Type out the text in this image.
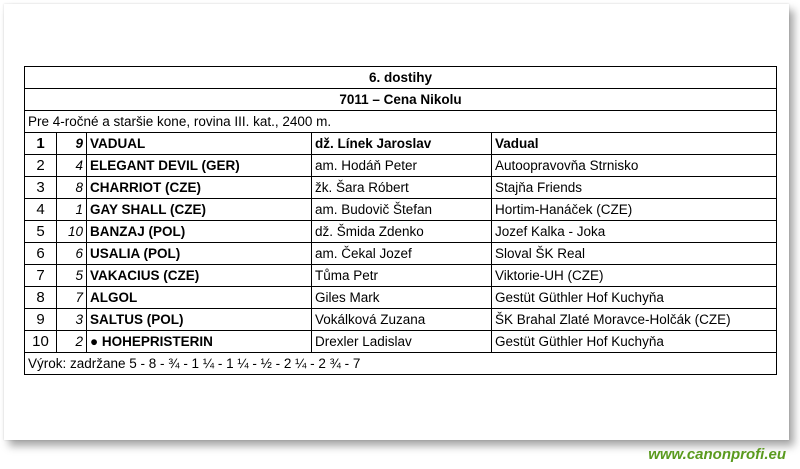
6. dostihy				
7011 – Cena Nikolu				
Pre 4-ročné a staršie kone, rovina III. kat., 2400 m.				
1	9	VADUAL	dž. Línek Jaroslav	Vadual
2	4	ELEGANT DEVIL (GER)	am. Hodáň Peter	Autoopravovňa Strnisko
3	8	CHARRIOT (CZE)	žk. Šara Róbert	Stajňa Friends
4	1	GAY SHALL (CZE)	am. Budovič Štefan	Hortim-Hanáček (CZE)
5	10	BANZAJ (POL)	dž. Šmida Zdenko	Jozef Kalka - Joka
6	6	USALIA (POL)	am. Čekal Jozef	Sloval ŠK Real
7	5	VAKACIUS (CZE)	Tůma Petr	Viktorie-UH (CZE)
8	7	ALGOL	Giles Mark	Gestüt Güthler Hof Kuchyňa
9	3	SALTUS (POL)	Vokálková Zuzana	ŠK Brahal Zlaté Moravce-Holčák (CZE)
10	2	● HOHEPRISTERIN	Drexler Ladislav	Gestüt Güthler Hof Kuchyňa
Výrok: zadržane 5 - 8 - ¾ - 1 ¼ - 1 ¼ - ½ - 2 ¼ - 2 ¾ - 7				
www.canonprofi.eu
